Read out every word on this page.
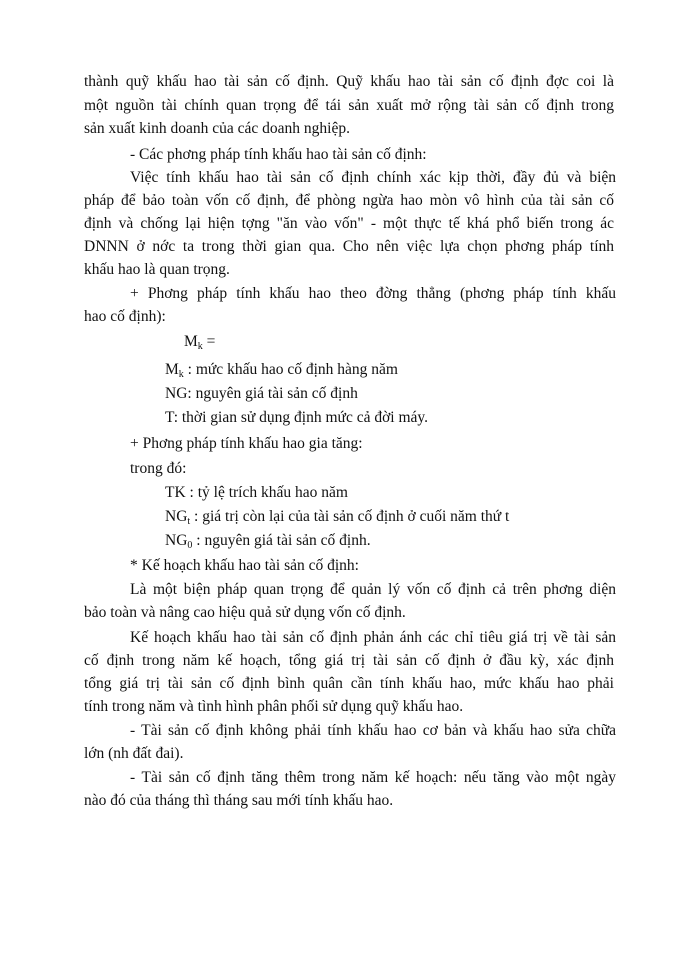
thành quỹ khấu hao tài sản cố định. Quỹ khấu hao tài sản cố định đợc coi là
một nguồn tài chính quan trọng để tái sản xuất mở rộng tài sản cố định trong
sản xuất kinh doanh của các doanh nghiệp.
- Các phơng pháp tính khấu hao tài sản cố định:
Việc tính khấu hao tài sản cố định chính xác kịp thời, đầy đủ và biện
pháp để bảo toàn vốn cố định, để phòng ngừa hao mòn vô hình của tài sản cố
định và chống lại hiện tợng "ăn vào vốn" - một thực tế khá phổ biến trong ác
DNNN ở nớc ta trong thời gian qua. Cho nên việc lựa chọn phơng pháp tính
khấu hao là quan trọng.
+ Phơng pháp tính khấu hao theo đờng thẳng (phơng pháp tính khấu
hao cố định):
$M_k$ =
$M_k$ : mức khấu hao cố định hàng năm
NG: nguyên giá tài sản cố định
T: thời gian sử dụng định mức cả đời máy.
+ Phơng pháp tính khấu hao gia tăng:
trong đó:
TK : tỷ lệ trích khấu hao năm
$NG_t$ : giá trị còn lại của tài sản cố định ở cuối năm thứ t
$NG_0$ : nguyên giá tài sản cố định.
* Kế hoạch khấu hao tài sản cố định:
Là một biện pháp quan trọng để quản lý vốn cố định cả trên phơng diện
bảo toàn và nâng cao hiệu quả sử dụng vốn cố định.
Kế hoạch khấu hao tài sản cố định phản ánh các chỉ tiêu giá trị về tài sản
cố định trong năm kế hoạch, tổng giá trị tài sản cố định ở đầu kỳ, xác định
tổng giá trị tài sản cố định bình quân cần tính khấu hao, mức khấu hao phải
tính trong năm và tình hình phân phối sử dụng quỹ khấu hao.
- Tài sản cố định không phải tính khấu hao cơ bản và khấu hao sửa chữa
lớn (nh đất đai).
- Tài sản cố định tăng thêm trong năm kế hoạch: nếu tăng vào một ngày
nào đó của tháng thì tháng sau mới tính khấu hao.
